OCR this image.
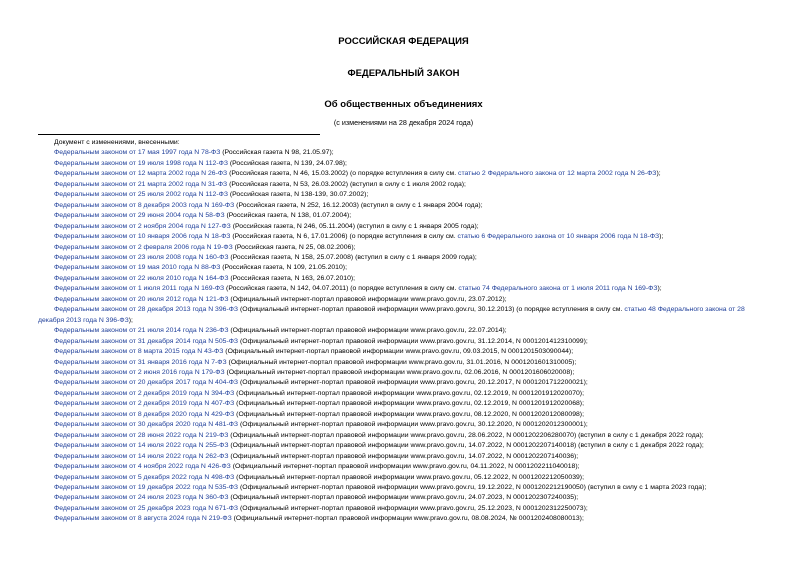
РОССИЙСКАЯ ФЕДЕРАЦИЯ
ФЕДЕРАЛЬНЫЙ ЗАКОН
Об общественных объединениях
(с изменениями на 28 декабря 2024 года)
Документ с изменениями, внесенными:
Федеральным законом от 17 мая 1997 года N 78-ФЗ (Российская газета N 98, 21.05.97);
Федеральным законом от 19 июля 1998 года N 112-ФЗ (Российская газета, N 139, 24.07.98);
Федеральным законом от 12 марта 2002 года N 26-ФЗ (Российская газета, N 46, 15.03.2002) (о порядке вступления в силу см. статью 2 Федерального закона от 12 марта 2002 года N 26-ФЗ);
Федеральным законом от 21 марта 2002 года N 31-ФЗ (Российская газета, N 53, 26.03.2002) (вступил в силу с 1 июля 2002 года);
Федеральным законом от 25 июля 2002 года N 112-ФЗ (Российская газета, N 138-139, 30.07.2002);
Федеральным законом от 8 декабря 2003 года N 169-ФЗ (Российская газета, N 252, 16.12.2003) (вступил в силу с 1 января 2004 года);
Федеральным законом от 29 июня 2004 года N 58-ФЗ (Российская газета, N 138, 01.07.2004);
Федеральным законом от 2 ноября 2004 года N 127-ФЗ (Российская газета, N 246, 05.11.2004) (вступил в силу с 1 января 2005 года);
Федеральным законом от 10 января 2006 года N 18-ФЗ (Российская газета, N 6, 17.01.2006) (о порядке вступления в силу см. статью 6 Федерального закона от 10 января 2006 года N 18-ФЗ);
Федеральным законом от 2 февраля 2006 года N 19-ФЗ (Российская газета, N 25, 08.02.2006);
Федеральным законом от 23 июля 2008 года N 160-ФЗ (Российская газета, N 158, 25.07.2008) (вступил в силу с 1 января 2009 года);
Федеральным законом от 19 мая 2010 года N 88-ФЗ (Российская газета, N 109, 21.05.2010);
Федеральным законом от 22 июля 2010 года N 164-ФЗ (Российская газета, N 163, 26.07.2010);
Федеральным законом от 1 июля 2011 года N 169-ФЗ (Российская газета, N 142, 04.07.2011) (о порядке вступления в силу см. статью 74 Федерального закона от 1 июля 2011 года N 169-ФЗ);
Федеральным законом от 20 июля 2012 года N 121-ФЗ (Официальный интернет-портал правовой информации www.pravo.gov.ru, 23.07.2012);
Федеральным законом от 28 декабря 2013 года N 396-ФЗ (Официальный интернет-портал правовой информации www.pravo.gov.ru, 30.12.2013) (о порядке вступления в силу см. статью 48 Федерального закона от 28 декабря 2013 года N 396-ФЗ);
Федеральным законом от 21 июля 2014 года N 236-ФЗ (Официальный интернет-портал правовой информации www.pravo.gov.ru, 22.07.2014);
Федеральным законом от 31 декабря 2014 года N 505-ФЗ (Официальный интернет-портал правовой информации www.pravo.gov.ru, 31.12.2014, N 0001201412310099);
Федеральным законом от 8 марта 2015 года N 43-ФЗ (Официальный интернет-портал правовой информации www.pravo.gov.ru, 09.03.2015, N 0001201503090044);
Федеральным законом от 31 января 2016 года N 7-ФЗ (Официальный интернет-портал правовой информации www.pravo.gov.ru, 31.01.2016, N 0001201601310005);
Федеральным законом от 2 июня 2016 года N 179-ФЗ (Официальный интернет-портал правовой информации www.pravo.gov.ru, 02.06.2016, N 0001201606020008);
Федеральным законом от 20 декабря 2017 года N 404-ФЗ (Официальный интернет-портал правовой информации www.pravo.gov.ru, 20.12.2017, N 0001201712200021);
Федеральным законом от 2 декабря 2019 года N 394-ФЗ (Официальный интернет-портал правовой информации www.pravo.gov.ru, 02.12.2019, N 0001201912020070);
Федеральным законом от 2 декабря 2019 года N 407-ФЗ (Официальный интернет-портал правовой информации www.pravo.gov.ru, 02.12.2019, N 0001201912020068);
Федеральным законом от 8 декабря 2020 года N 429-ФЗ (Официальный интернет-портал правовой информации www.pravo.gov.ru, 08.12.2020, N 0001202012080098);
Федеральным законом от 30 декабря 2020 года N 481-ФЗ (Официальный интернет-портал правовой информации www.pravo.gov.ru, 30.12.2020, N 0001202012300001);
Федеральным законом от 28 июня 2022 года N 219-ФЗ (Официальный интернет-портал правовой информации www.pravo.gov.ru, 28.06.2022, N 0001202206280070) (вступил в силу с 1 декабря 2022 года);
Федеральным законом от 14 июля 2022 года N 255-ФЗ (Официальный интернет-портал правовой информации www.pravo.gov.ru, 14.07.2022, N 0001202207140018) (вступил в силу с 1 декабря 2022 года);
Федеральным законом от 14 июля 2022 года N 262-ФЗ (Официальный интернет-портал правовой информации www.pravo.gov.ru, 14.07.2022, N 0001202207140036);
Федеральным законом от 4 ноября 2022 года N 426-ФЗ (Официальный интернет-портал правовой информации www.pravo.gov.ru, 04.11.2022, N 0001202211040018);
Федеральным законом от 5 декабря 2022 года N 498-ФЗ (Официальный интернет-портал правовой информации www.pravo.gov.ru, 05.12.2022, N 0001202212050039);
Федеральным законом от 19 декабря 2022 года N 535-ФЗ (Официальный интернет-портал правовой информации www.pravo.gov.ru, 19.12.2022, N 0001202212190050) (вступил в силу с 1 марта 2023 года);
Федеральным законом от 24 июля 2023 года N 360-ФЗ (Официальный интернет-портал правовой информации www.pravo.gov.ru, 24.07.2023, N 0001202307240035);
Федеральным законом от 25 декабря 2023 года N 671-ФЗ (Официальный интернет-портал правовой информации www.pravo.gov.ru, 25.12.2023, N 0001202312250073);
Федеральным законом от 8 августа 2024 года N 219-ФЗ (Официальный интернет-портал правовой информации www.pravo.gov.ru, 08.08.2024, № 0001202408080013);
